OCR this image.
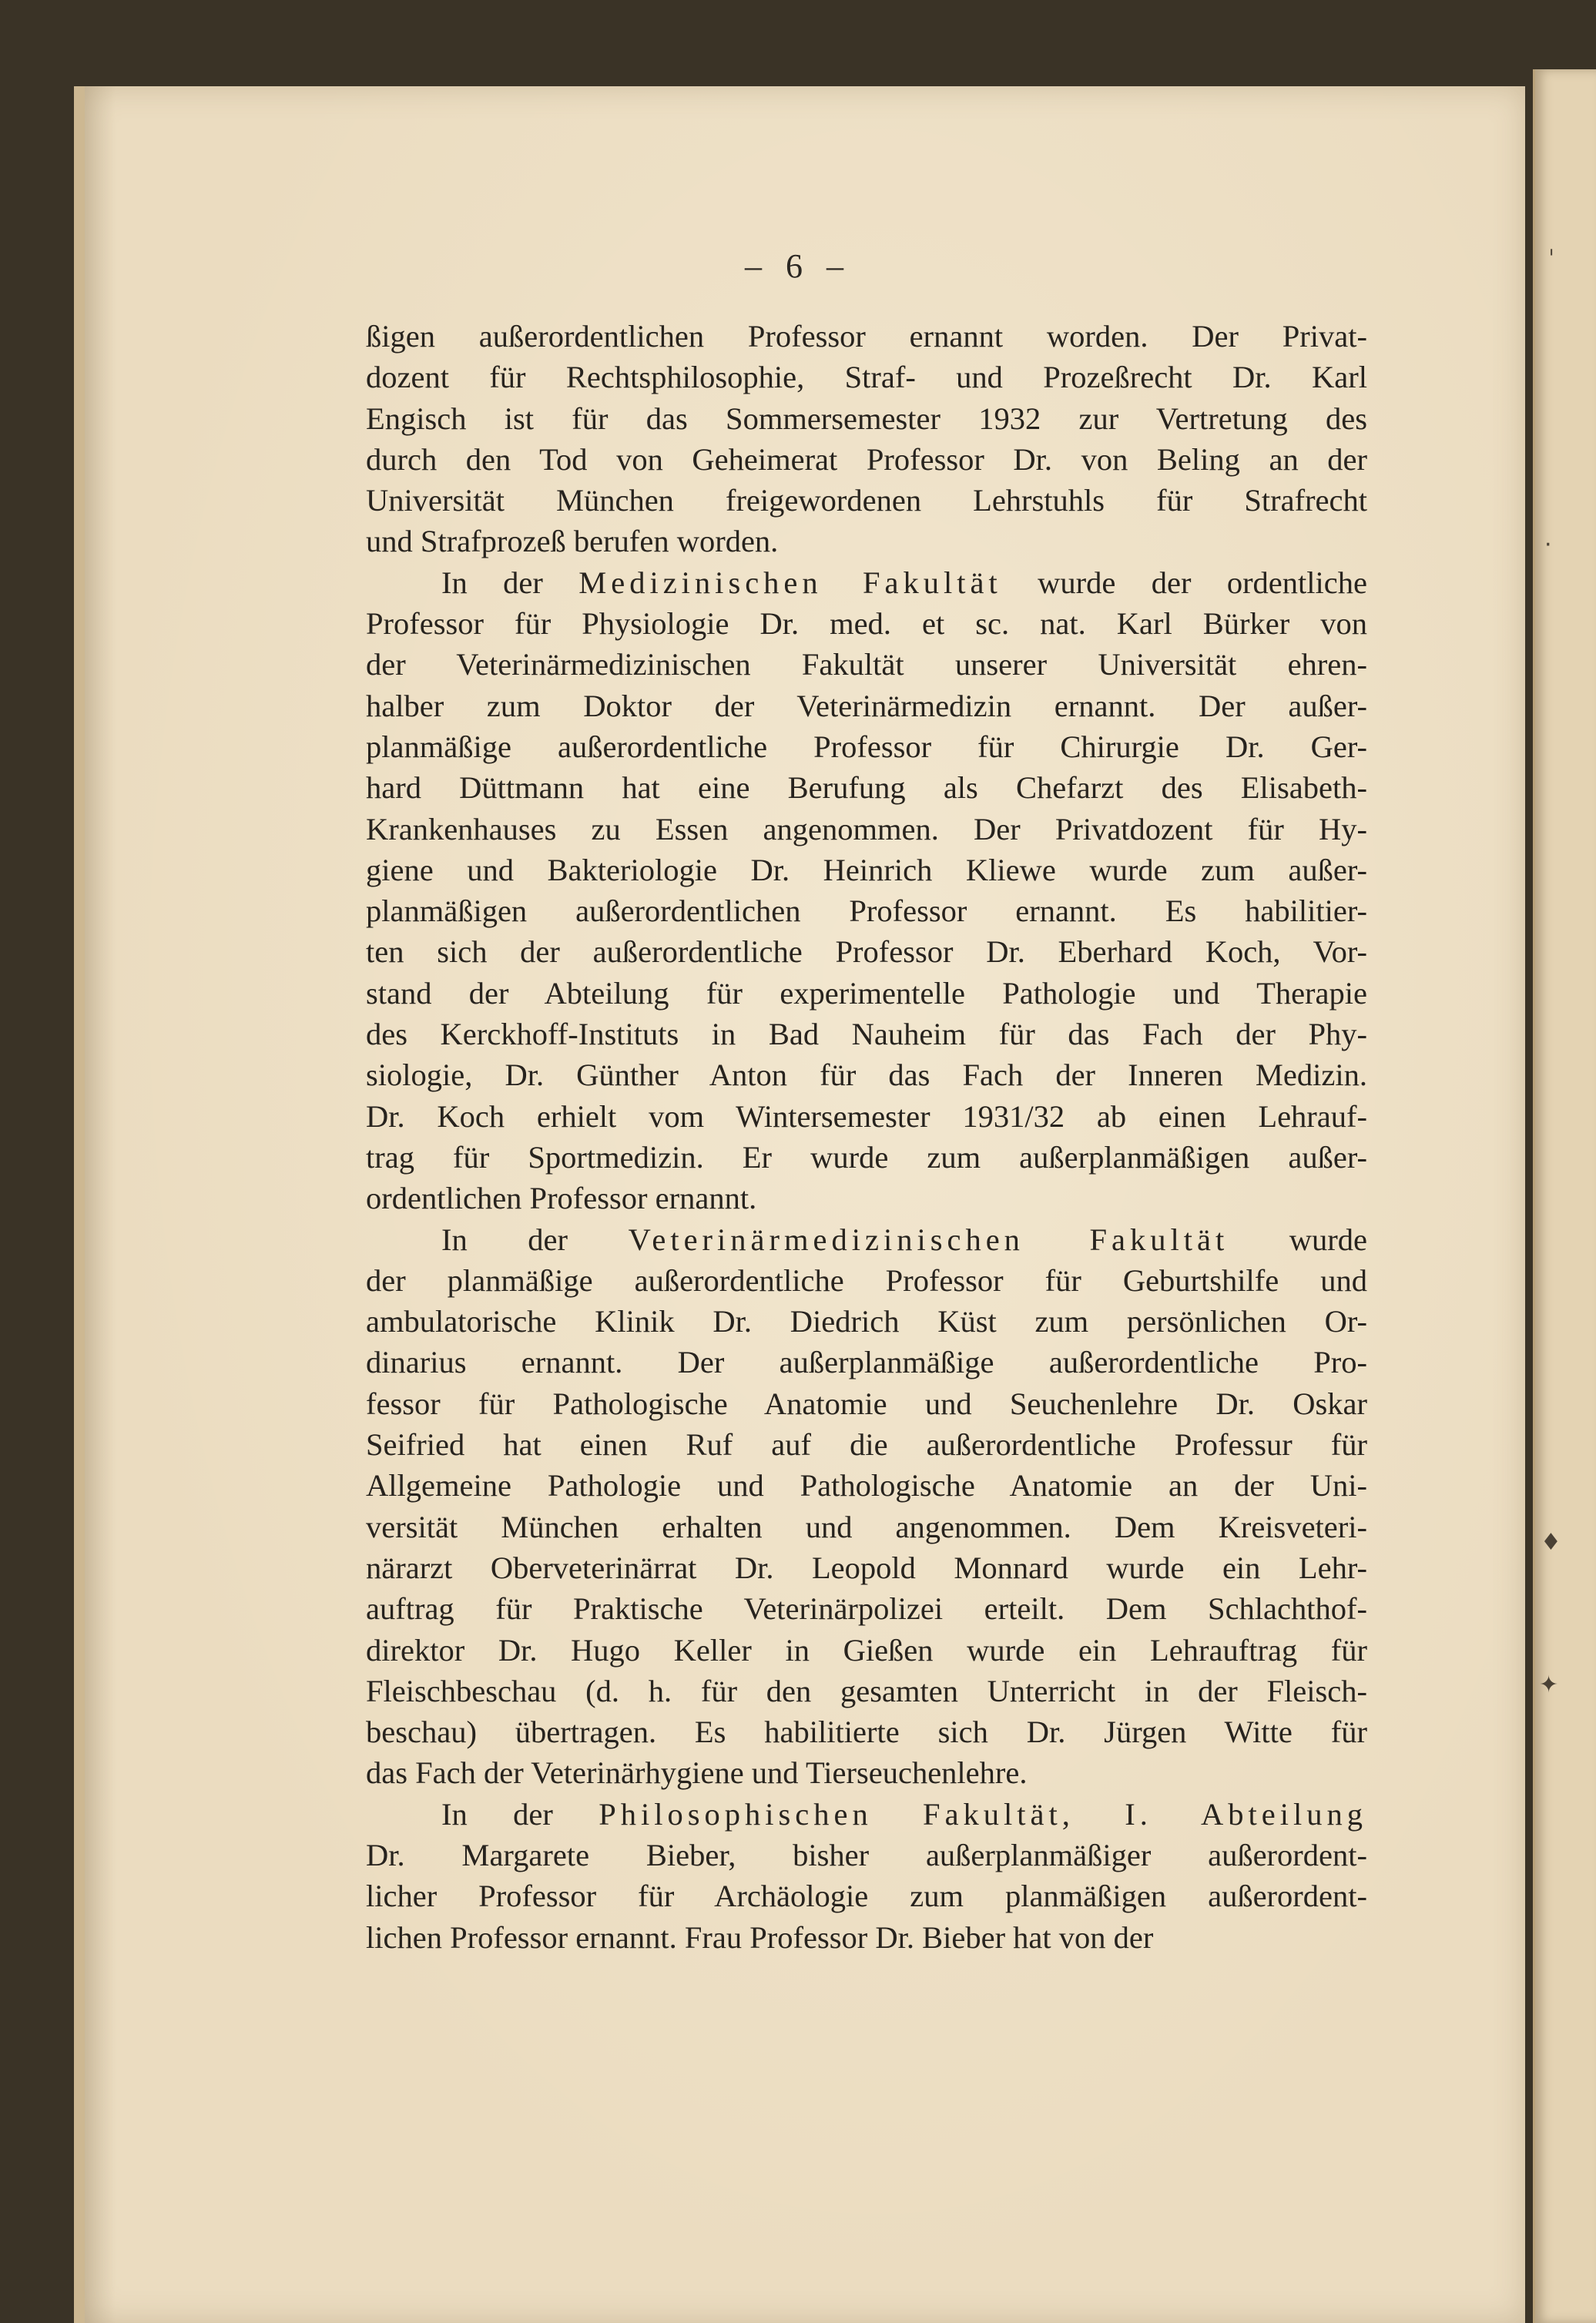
– 6 –
ßigen außerordentlichen Professor ernannt worden. Der Privat-
dozent für Rechtsphilosophie, Straf- und Prozeßrecht Dr. Karl
Engisch ist für das Sommersemester 1932 zur Vertretung des
durch den Tod von Geheimerat Professor Dr. von Beling an der
Universität München freigewordenen Lehrstuhls für Strafrecht
und Strafprozeß berufen worden.
In der Medizinischen Fakultät wurde der ordentliche
Professor für Physiologie Dr. med. et sc. nat. Karl Bürker von
der Veterinärmedizinischen Fakultät unserer Universität ehren-
halber zum Doktor der Veterinärmedizin ernannt. Der außer-
planmäßige außerordentliche Professor für Chirurgie Dr. Ger-
hard Düttmann hat eine Berufung als Chefarzt des Elisabeth-
Krankenhauses zu Essen angenommen. Der Privatdozent für Hy-
giene und Bakteriologie Dr. Heinrich Kliewe wurde zum außer-
planmäßigen außerordentlichen Professor ernannt. Es habilitier-
ten sich der außerordentliche Professor Dr. Eberhard Koch, Vor-
stand der Abteilung für experimentelle Pathologie und Therapie
des Kerckhoff-Instituts in Bad Nauheim für das Fach der Phy-
siologie, Dr. Günther Anton für das Fach der Inneren Medizin.
Dr. Koch erhielt vom Wintersemester 1931/32 ab einen Lehrauf-
trag für Sportmedizin. Er wurde zum außerplanmäßigen außer-
ordentlichen Professor ernannt.
In der Veterinärmedizinischen Fakultät wurde
der planmäßige außerordentliche Professor für Geburtshilfe und
ambulatorische Klinik Dr. Diedrich Küst zum persönlichen Or-
dinarius ernannt. Der außerplanmäßige außerordentliche Pro-
fessor für Pathologische Anatomie und Seuchenlehre Dr. Oskar
Seifried hat einen Ruf auf die außerordentliche Professur für
Allgemeine Pathologie und Pathologische Anatomie an der Uni-
versität München erhalten und angenommen. Dem Kreisveteri-
närarzt Oberveterinärrat Dr. Leopold Monnard wurde ein Lehr-
auftrag für Praktische Veterinärpolizei erteilt. Dem Schlachthof-
direktor Dr. Hugo Keller in Gießen wurde ein Lehrauftrag für
Fleischbeschau (d. h. für den gesamten Unterricht in der Fleisch-
beschau) übertragen. Es habilitierte sich Dr. Jürgen Witte für
das Fach der Veterinärhygiene und Tierseuchenlehre.
In der Philosophischen Fakultät, I. Abteilung
Dr. Margarete Bieber, bisher außerplanmäßiger außerordent-
licher Professor für Archäologie zum planmäßigen außerordent-
lichen Professor ernannt. Frau Professor Dr. Bieber hat von der
ˌ
·
♦
✦
